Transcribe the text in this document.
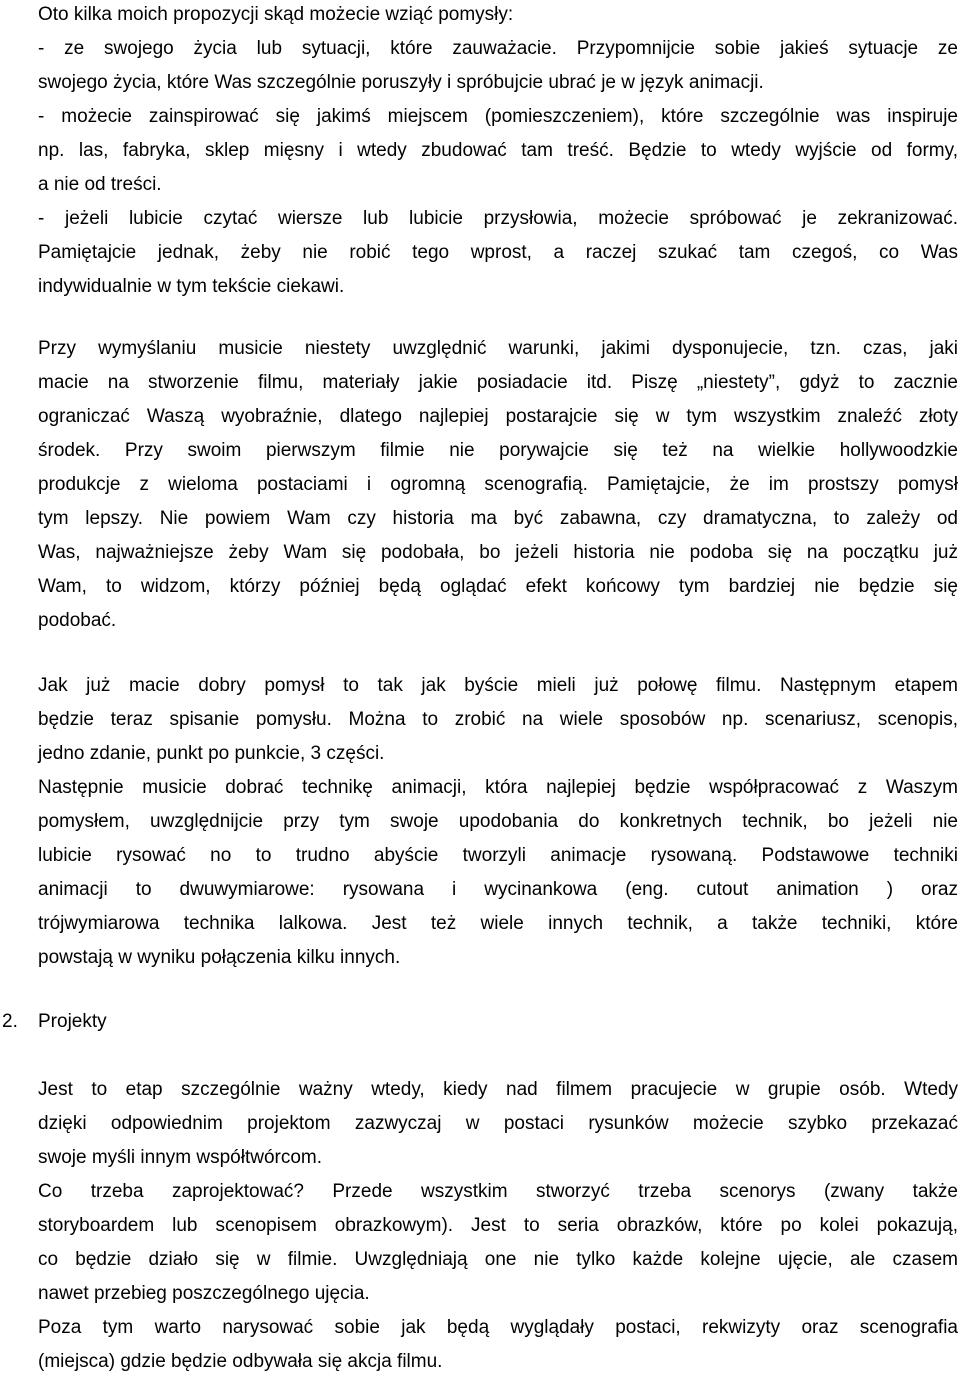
Oto kilka moich propozycji skąd możecie wziąć pomysły:
- ze swojego życia lub sytuacji, które zauważacie. Przypomnijcie sobie jakieś sytuacje ze
swojego życia, które Was szczególnie poruszyły i spróbujcie ubrać je w język animacji.
- możecie zainspirować się jakimś miejscem (pomieszczeniem), które szczególnie was inspiruje
np. las, fabryka, sklep mięsny i wtedy zbudować tam treść. Będzie to wtedy wyjście od formy,
a nie od treści.
- jeżeli lubicie czytać wiersze lub lubicie przysłowia, możecie spróbować je zekranizować.
Pamiętajcie jednak, żeby nie robić tego wprost, a raczej szukać tam czegoś, co Was
indywidualnie w tym tekście ciekawi.
Przy wymyślaniu musicie niestety uwzględnić warunki, jakimi dysponujecie, tzn. czas, jaki
macie na stworzenie filmu, materiały jakie posiadacie itd. Piszę „niestety”, gdyż to zacznie
ograniczać Waszą wyobraźnie, dlatego najlepiej postarajcie się w tym wszystkim znaleźć złoty
środek. Przy swoim pierwszym filmie nie porywajcie się też na wielkie hollywoodzkie
produkcje z wieloma postaciami i ogromną scenografią. Pamiętajcie, że im prostszy pomysł
tym lepszy. Nie powiem Wam czy historia ma być zabawna, czy dramatyczna, to zależy od
Was, najważniejsze żeby Wam się podobała, bo jeżeli historia nie podoba się na początku już
Wam, to widzom, którzy później będą oglądać efekt końcowy tym bardziej nie będzie się
podobać.
Jak już macie dobry pomysł to tak jak byście mieli już połowę filmu. Następnym etapem
będzie teraz spisanie pomysłu. Można to zrobić na wiele sposobów np. scenariusz, scenopis,
jedno zdanie, punkt po punkcie, 3 części.
Następnie musicie dobrać technikę animacji, która najlepiej będzie współpracować z Waszym
pomysłem, uwzględnijcie przy tym swoje upodobania do konkretnych technik, bo jeżeli nie
lubicie rysować no to trudno abyście tworzyli animacje rysowaną. Podstawowe techniki
animacji to dwuwymiarowe: rysowana i wycinankowa (eng. cutout animation ) oraz
trójwymiarowa technika lalkowa. Jest też wiele innych technik, a także techniki, które
powstają w wyniku połączenia kilku innych.
Jest to etap szczególnie ważny wtedy, kiedy nad filmem pracujecie w grupie osób. Wtedy
dzięki odpowiednim projektom zazwyczaj w postaci rysunków możecie szybko przekazać
swoje myśli innym współtwórcom.
Co trzeba zaprojektować? Przede wszystkim stworzyć trzeba scenorys (zwany także
storyboardem lub scenopisem obrazkowym). Jest to seria obrazków, które po kolei pokazują,
co będzie działo się w filmie. Uwzględniają one nie tylko każde kolejne ujęcie, ale czasem
nawet przebieg poszczególnego ujęcia.
Poza tym warto narysować sobie jak będą wyglądały postaci, rekwizyty oraz scenografia
(miejsca) gdzie będzie odbywała się akcja filmu.
2. Projekty
